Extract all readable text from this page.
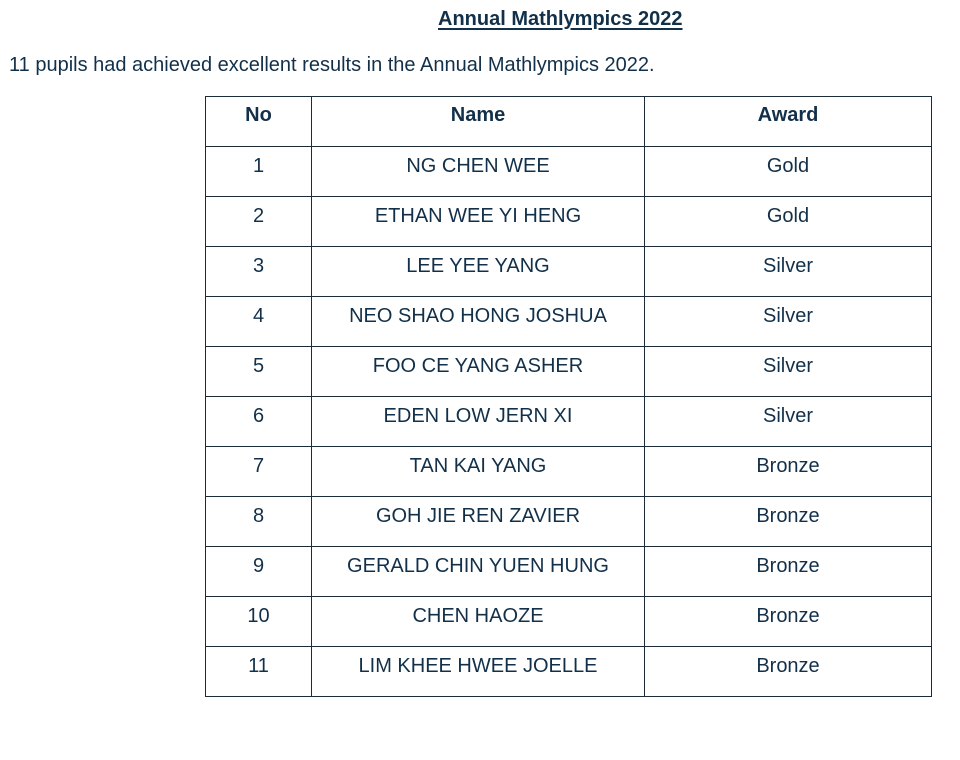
Annual Mathlympics 2022
11 pupils had achieved excellent results in the Annual Mathlympics 2022.
No	Name	Award
1	NG CHEN WEE	Gold
2	ETHAN WEE YI HENG	Gold
3	LEE YEE YANG	Silver
4	NEO SHAO HONG JOSHUA	Silver
5	FOO CE YANG ASHER	Silver
6	EDEN LOW JERN XI	Silver
7	TAN KAI YANG	Bronze
8	GOH JIE REN ZAVIER	Bronze
9	GERALD CHIN YUEN HUNG	Bronze
10	CHEN HAOZE	Bronze
11	LIM KHEE HWEE JOELLE	Bronze
